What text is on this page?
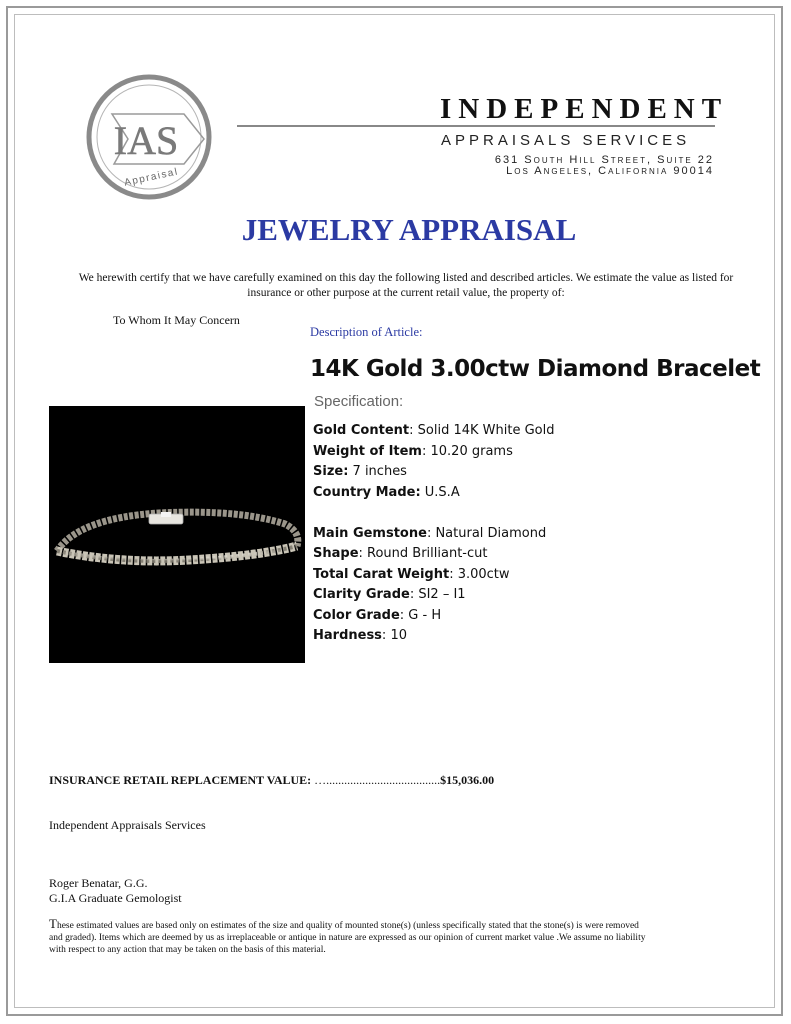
IAS
Appraisal
INDEPENDENT
APPRAISALS SERVICES
631 South Hill Street, Suite 22
Los Angeles, California 90014
JEWELRY APPRAISAL
We herewith certify that we have carefully examined on this day the following listed and described articles. We estimate the value as listed for insurance or other purpose at the current retail value, the property of:
To Whom It May Concern
Description of Article:
14K Gold 3.00ctw Diamond Bracelet
Specification:
Gold Content: Solid 14K White Gold
Weight of Item: 10.20 grams
Size: 7 inches
Country Made: U.S.A
Main Gemstone: Natural Diamond
Shape: Round Brilliant-cut
Total Carat Weight: 3.00ctw
Clarity Grade: SI2 – I1
Color Grade: G - H
Hardness: 10
INSURANCE RETAIL REPLACEMENT VALUE: …......................................$15,036.00
Independent Appraisals Services
Roger Benatar, G.G.
G.I.A Graduate Gemologist
These estimated values are based only on estimates of the size and quality of mounted stone(s) (unless specifically stated that the stone(s) is were removed and graded). Items which are deemed by us as irreplaceable or antique in nature are expressed as our opinion of current market value .We assume no liability with respect to any action that may be taken on the basis of this material.
